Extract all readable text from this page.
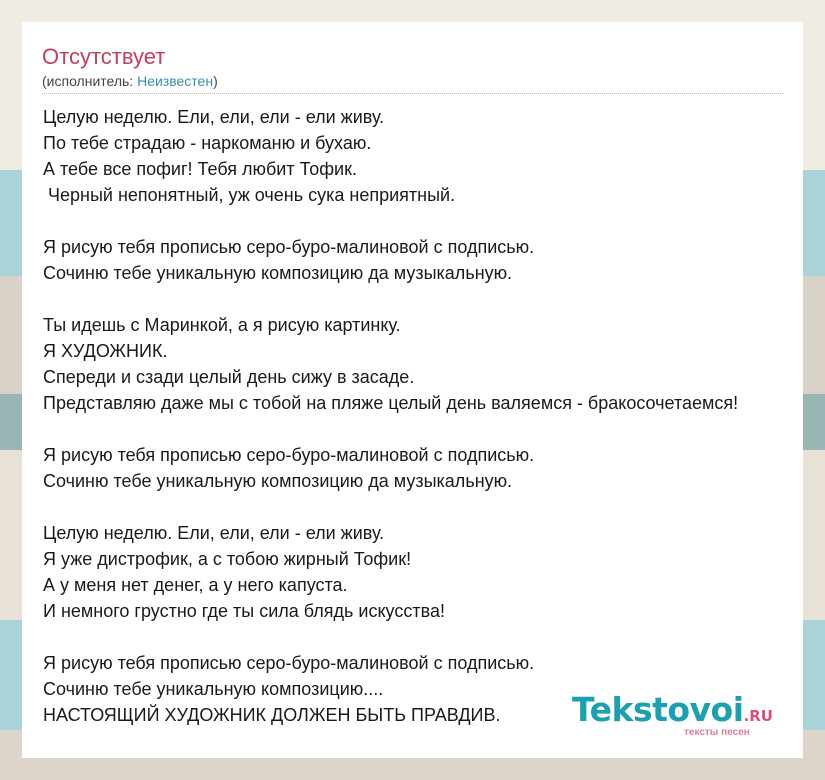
Отсутствует
(исполнитель: Неизвестен)
Целую неделю. Ели, ели, ели - ели живу.
По тебе страдаю - наркоманю и бухаю.
А тебе все пофиг! Тебя любит Тофик.
Черный непонятный, уж очень сука неприятный.
Я рисую тебя прописью серо-буро-малиновой с подписью.
Сочиню тебе уникальную композицию да музыкальную.
Ты идешь с Маринкой, а я рисую картинку.
Я ХУДОЖНИК.
Спереди и сзади целый день сижу в засаде.
Представляю даже мы с тобой на пляже целый день валяемся - бракосочетаемся!
Я рисую тебя прописью серо-буро-малиновой с подписью.
Сочиню тебе уникальную композицию да музыкальную.
Целую неделю. Ели, ели, ели - ели живу.
Я уже дистрофик, а с тобою жирный Тофик!
А у меня нет денег, а у него капуста.
И немного грустно где ты сила блядь искусства!
Я рисую тебя прописью серо-буро-малиновой с подписью.
Сочиню тебе уникальную композицию....
НАСТОЯЩИЙ ХУДОЖНИК ДОЛЖЕН БЫТЬ ПРАВДИВ.	Tekstovoi.RU
тексты песен
